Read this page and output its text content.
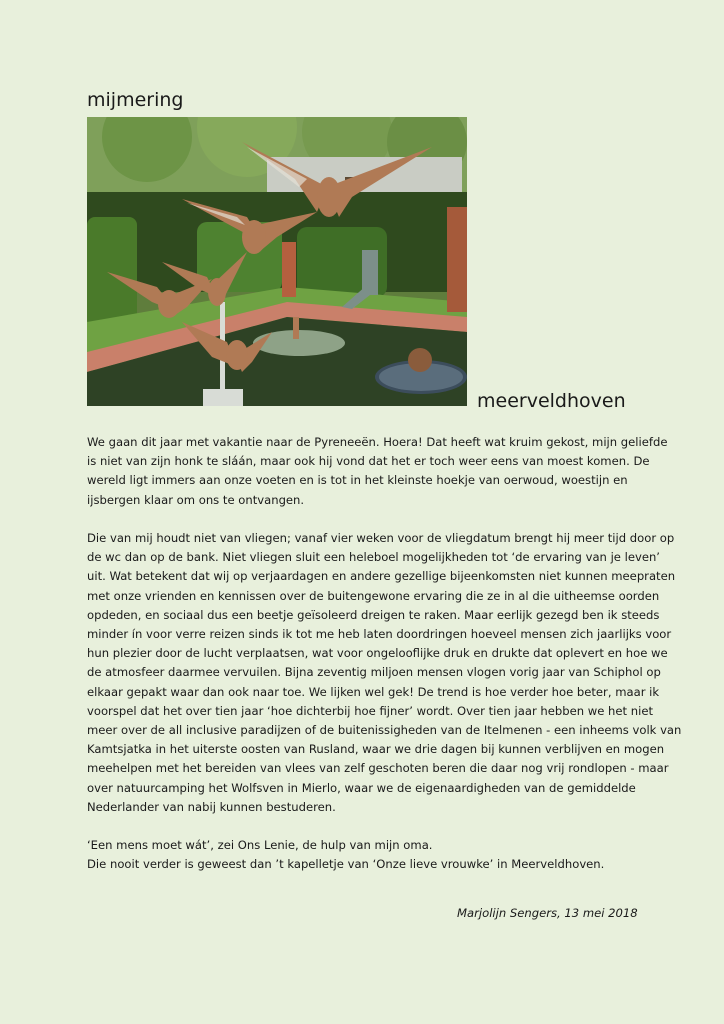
mijmering
meerveldhoven

We gaan dit jaar met vakantie naar de Pyreneeën. Hoera! Dat heeft wat kruim gekost, mijn geliefde
is niet van zijn honk te sláán, maar ook hij vond dat het er toch weer eens van moest komen. De
wereld ligt immers aan onze voeten en is tot in het kleinste hoekje van oerwoud, woestijn en
ijsbergen klaar om ons te ontvangen.

Die van mij houdt niet van vliegen; vanaf vier weken voor de vliegdatum brengt hij meer tijd door op
de wc dan op de bank. Niet vliegen sluit een heleboel mogelijkheden tot ‘de ervaring van je leven’
uit. Wat betekent dat wij op verjaardagen en andere gezellige bijeenkomsten niet kunnen meepraten
met onze vrienden en kennissen over de buitengewone ervaring die ze in al die uitheemse oorden
opdeden, en sociaal dus een beetje geïsoleerd dreigen te raken. Maar eerlijk gezegd ben ik steeds
minder ín voor verre reizen sinds ik tot me heb laten doordringen hoeveel mensen zich jaarlijks voor
hun plezier door de lucht verplaatsen, wat voor ongelooflijke druk en drukte dat oplevert en hoe we
de atmosfeer daarmee vervuilen. Bijna zeventig miljoen mensen vlogen vorig jaar van Schiphol op
elkaar gepakt waar dan ook naar toe. We lijken wel gek! De trend is hoe verder hoe beter, maar ik
voorspel dat het over tien jaar ‘hoe dichterbij hoe fijner’ wordt. Over tien jaar hebben we het niet
meer over de all inclusive paradijzen of de buitenissigheden van de Itelmenen - een inheems volk van
Kamtsjatka in het uiterste oosten van Rusland, waar we drie dagen bij kunnen verblijven en mogen
meehelpen met het bereiden van vlees van zelf geschoten beren die daar nog vrij rondlopen - maar
over natuurcamping het Wolfsven in Mierlo, waar we de eigenaardigheden van de gemiddelde
Nederlander van nabij kunnen bestuderen.

‘Een mens moet wát’, zei Ons Lenie, de hulp van mijn oma.
Die nooit verder is geweest dan ’t kapelletje van ‘Onze lieve vrouwke’ in Meerveldhoven.

Marjolijn Sengers, 13 mei 2018
